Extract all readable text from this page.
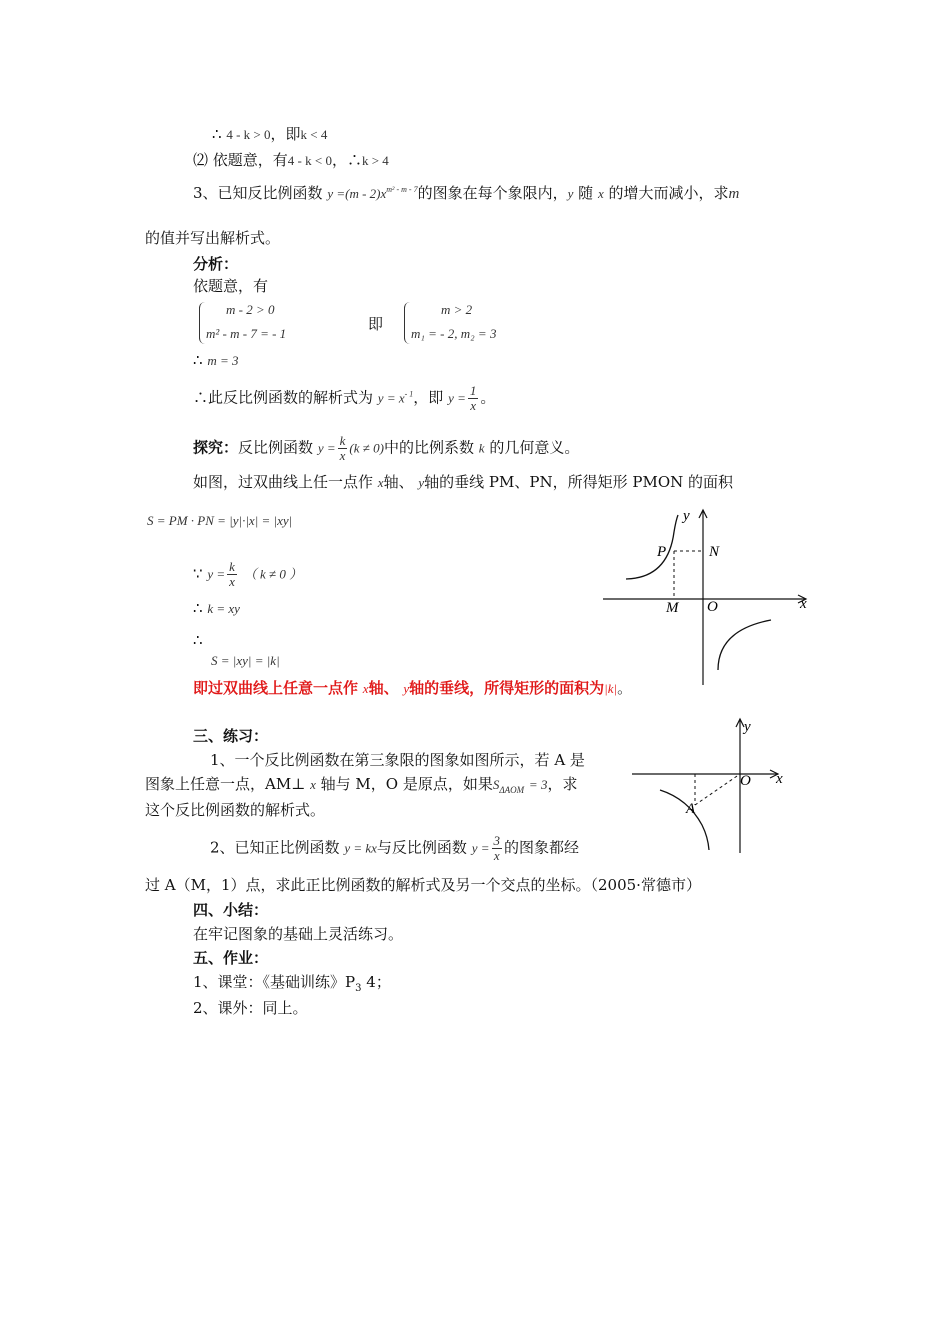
∴ 4 - k > 0，即k < 4
⑵ 依题意，有4 - k < 0，∴k > 4
3、已知反比例函数 $y =(m - 2)x^{m^2 - m - 7}$的图象在每个象限内，y 随 x 的增大而减小，求m
的值并写出解析式。
分析：
依题意，有
m - 2 > 0
m² - m - 7 = - 1
即
m > 2
m₁ = - 2, m₂ = 3
∴ m = 3
∴此反比例函数的解析式为 $y = x^{- 1}$，即 $y = \frac{1}{x}$ 。
探究：反比例函数 $y = \frac{k}{x} (k \ne 0)$中的比例系数 k 的几何意义。
如图，过双曲线上任一点作 x轴、 y轴的垂线 PM、PN，所得矩形 PMON 的面积
S = PM · PN = |y|·|x| = |xy|
∵ $y = \frac{k}{x}$ （ k ≠ 0 ）
∴ k = xy
∴
S = |xy| = |k|
即过双曲线上任意一点作 x轴、 y轴的垂线，所得矩形的面积为|k|。
y
x
P	N
M O
三、练习：
1、一个反比例函数在第三象限的图象如图所示，若 A 是
图象上任意一点，AM⊥ x 轴与 M，O 是原点，如果$S_{\Delta AOM} = 3$，求
这个反比例函数的解析式。
2、已知正比例函数 y = kx与反比例函数 $y = \frac{3}{x}$ 的图象都经
过 A（M，1）点，求此正比例函数的解析式及另一个交点的坐标。（2005·常德市）
y
x
O
A
四、小结：
在牢记图象的基础上灵活练习。
五、作业：
1、课堂：《基础训练》$P_3$ 4；
2、课外：同上。
